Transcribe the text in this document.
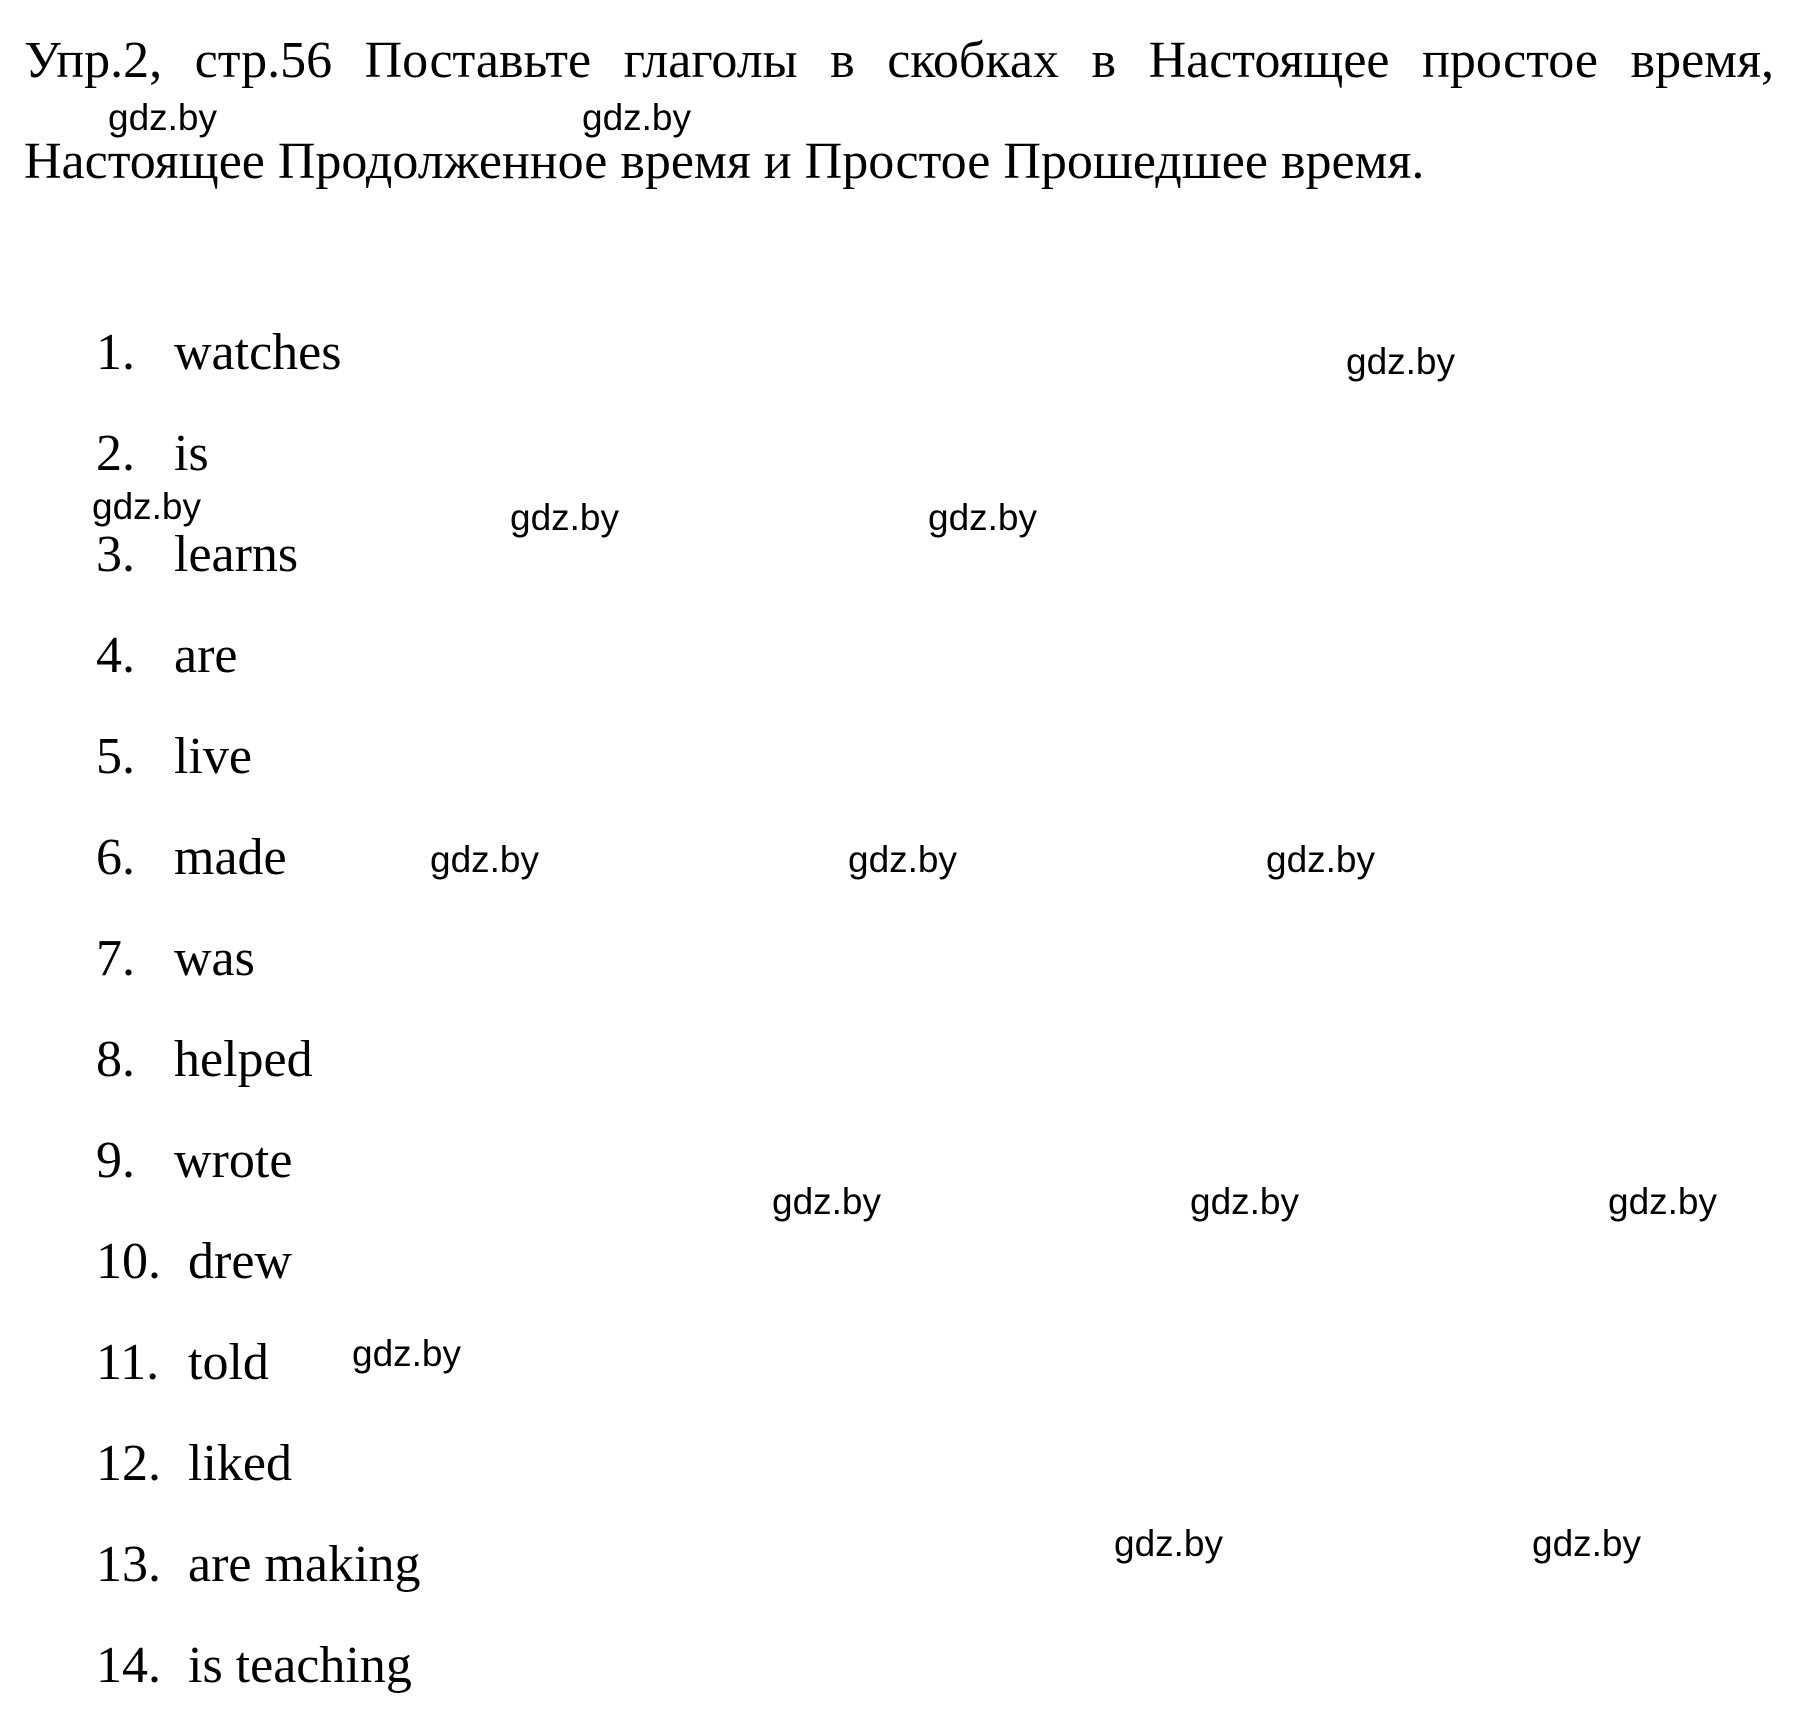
Упр.2, стр.56 Поставьте глаголы в скобках в Настоящее простое время, Настоящее Продолженное время и Простое Прошедшее время.

1. watches
2. is
3. learns
4. are
5. live
6. made
7. was
8. helped
9. wrote
10. drew
11. told
12. liked
13. are making
14. is teaching
gdz.by	gdz.by
gdz.by
gdz.by	gdz.by	gdz.by
gdz.by	gdz.by	gdz.by
gdz.by	gdz.by	gdz.by
gdz.by
gdz.by	gdz.by
